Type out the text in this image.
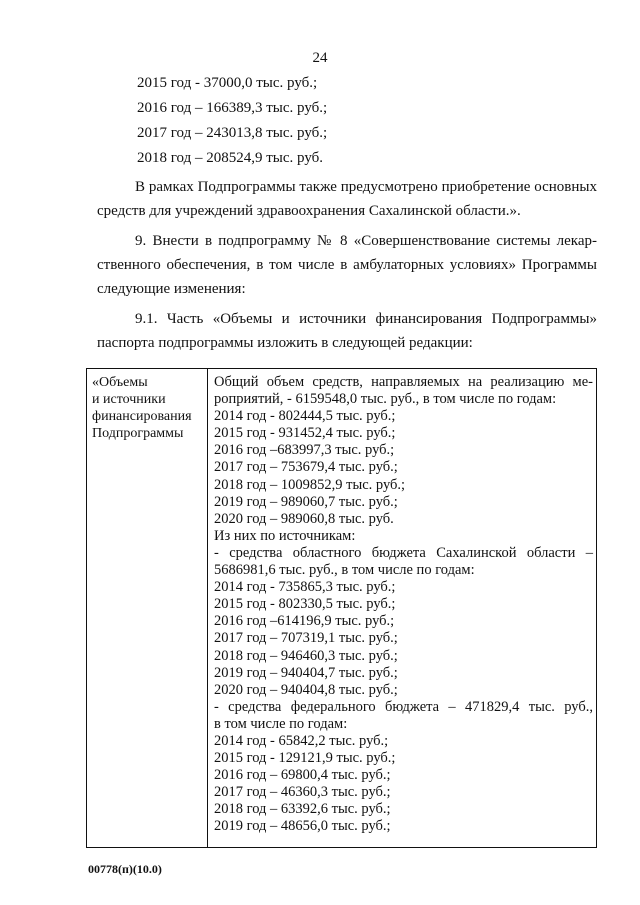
24
2015 год - 37000,0 тыс. руб.;
2016 год – 166389,3 тыс. руб.;
2017 год – 243013,8 тыс. руб.;
2018 год – 208524,9 тыс. руб.
В рамках Подпрограммы также предусмотрено приобретение основных
средств для учреждений здравоохранения Сахалинской области.».
9. Внести в подпрограмму № 8 «Совершенствование системы лекар-
ственного обеспечения, в том числе в амбулаторных условиях» Программы
следующие изменения:
9.1. Часть «Объемы и источники финансирования Подпрограммы»
паспорта подпрограммы изложить в следующей редакции:
«Объемы
и источники
финансирования
Подпрограммы
Общий объем средств, направляемых на реализацию ме-
роприятий, - 6159548,0 тыс. руб., в том числе по годам:
2014 год - 802444,5 тыс. руб.;
2015 год - 931452,4 тыс. руб.;
2016 год –683997,3 тыс. руб.;
2017 год – 753679,4 тыс. руб.;
2018 год – 1009852,9 тыс. руб.;
2019 год – 989060,7 тыс. руб.;
2020 год – 989060,8 тыс. руб.
Из них по источникам:
- средства областного бюджета Сахалинской области –
5686981,6 тыс. руб., в том числе по годам:
2014 год - 735865,3 тыс. руб.;
2015 год - 802330,5 тыс. руб.;
2016 год –614196,9 тыс. руб.;
2017 год – 707319,1 тыс. руб.;
2018 год – 946460,3 тыс. руб.;
2019 год – 940404,7 тыс. руб.;
2020 год – 940404,8 тыс. руб.;
- средства федерального бюджета – 471829,4 тыс. руб.,
в том числе по годам:
2014 год - 65842,2 тыс. руб.;
2015 год - 129121,9 тыс. руб.;
2016 год – 69800,4 тыс. руб.;
2017 год – 46360,3 тыс. руб.;
2018 год – 63392,6 тыс. руб.;
2019 год – 48656,0 тыс. руб.;
00778(п)(10.0)
